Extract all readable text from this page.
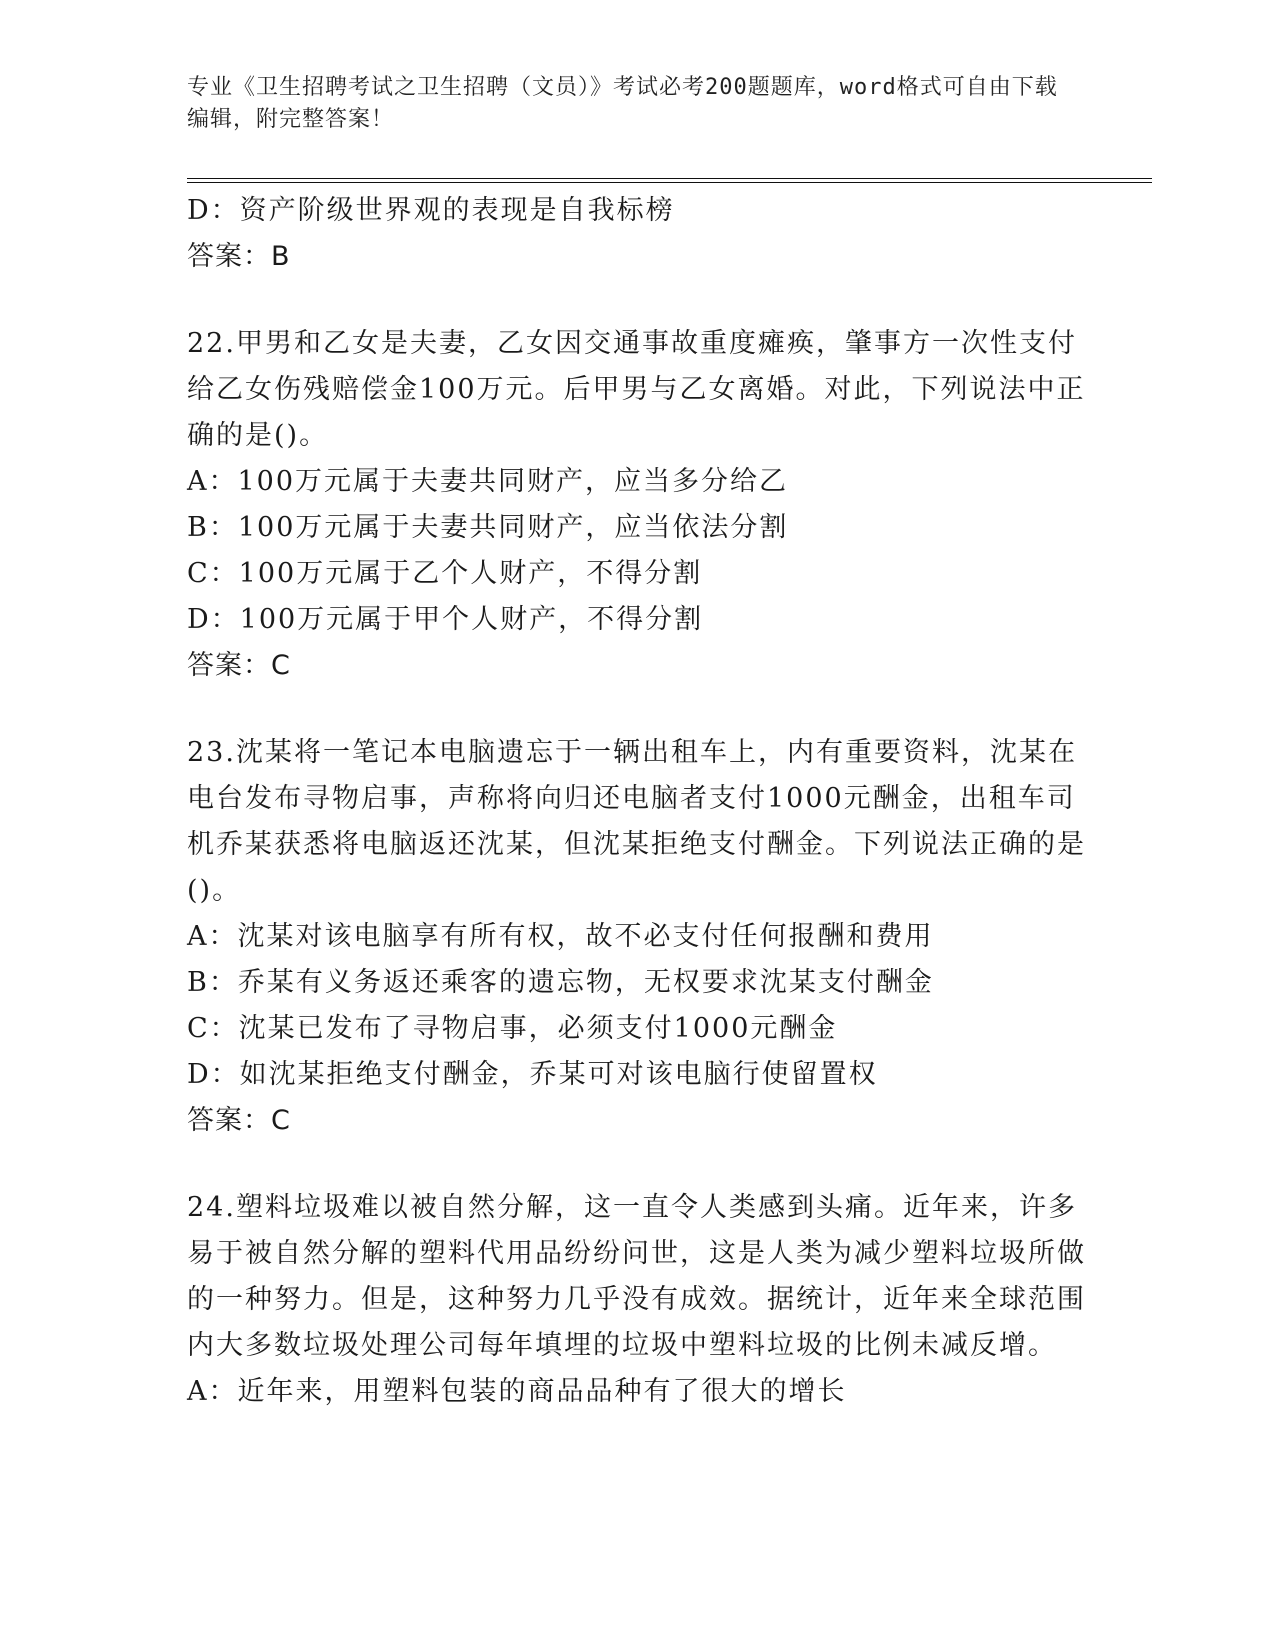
专业《卫生招聘考试之卫生招聘（文员）》考试必考200题题库，word格式可自由下载编辑，附完整答案！
D：资产阶级世界观的表现是自我标榜
答案：B
22.甲男和乙女是夫妻，乙女因交通事故重度瘫痪，肇事方一次性支付给乙女伤残赔偿金100万元。后甲男与乙女离婚。对此，下列说法中正确的是()。
A：100万元属于夫妻共同财产，应当多分给乙
B：100万元属于夫妻共同财产，应当依法分割
C：100万元属于乙个人财产，不得分割
D：100万元属于甲个人财产，不得分割
答案：C
23.沈某将一笔记本电脑遗忘于一辆出租车上，内有重要资料，沈某在电台发布寻物启事，声称将向归还电脑者支付1000元酬金，出租车司机乔某获悉将电脑返还沈某，但沈某拒绝支付酬金。下列说法正确的是()。
A：沈某对该电脑享有所有权，故不必支付任何报酬和费用
B：乔某有义务返还乘客的遗忘物，无权要求沈某支付酬金
C：沈某已发布了寻物启事，必须支付1000元酬金
D：如沈某拒绝支付酬金，乔某可对该电脑行使留置权
答案：C
24.塑料垃圾难以被自然分解，这一直令人类感到头痛。近年来，许多易于被自然分解的塑料代用品纷纷问世，这是人类为减少塑料垃圾所做的一种努力。但是，这种努力几乎没有成效。据统计，近年来全球范围内大多数垃圾处理公司每年填埋的垃圾中塑料垃圾的比例未减反增。
A：近年来，用塑料包装的商品品种有了很大的增长
